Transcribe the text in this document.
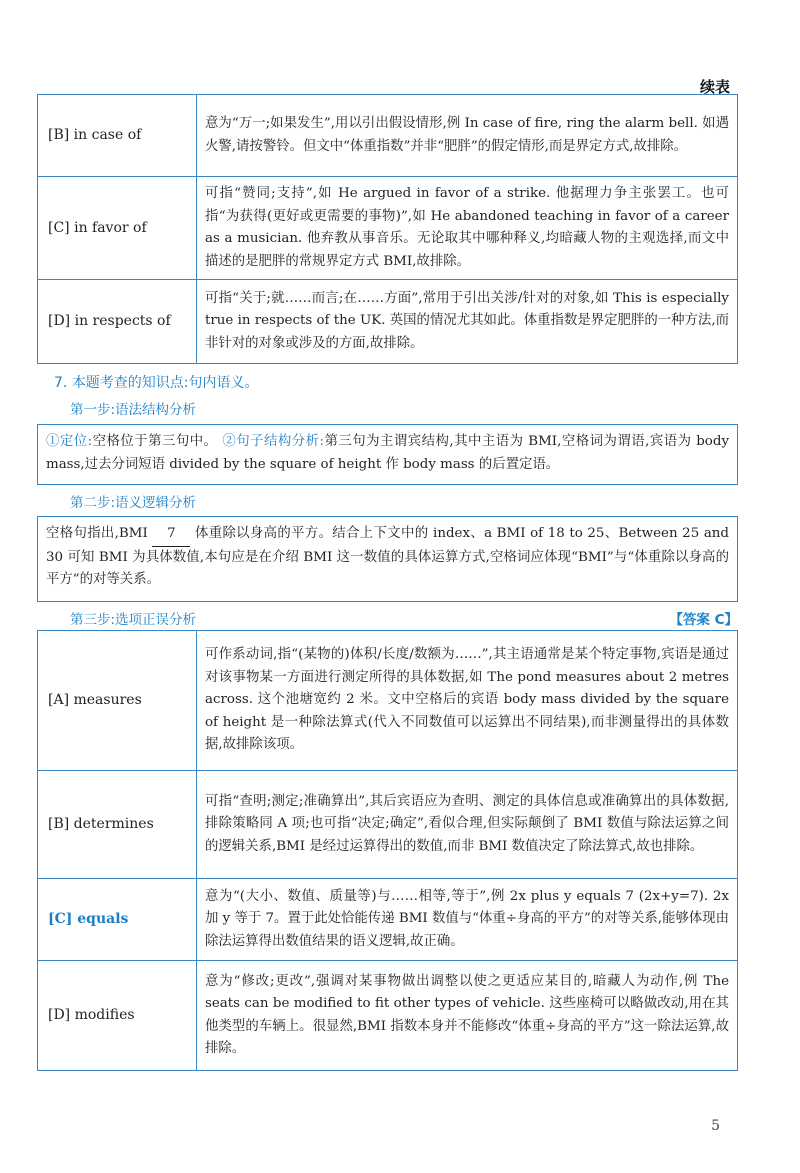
续表
[B] in case of	意为“万一;如果发生”,用以引出假设情形,例 In case of fire, ring the alarm bell. 如遇火警,请按警铃。但文中“体重指数”并非“肥胖”的假定情形,而是界定方式,故排除。
[C] in favor of	可指“赞同;支持”,如 He argued in favor of a strike. 他据理力争主张罢工。也可指“为获得(更好或更需要的事物)”,如 He abandoned teaching in favor of a career as a musician. 他弃教从事音乐。无论取其中哪种释义,均暗藏人物的主观选择,而文中描述的是肥胖的常规界定方式 BMI,故排除。
[D] in respects of	可指“关于;就……而言;在……方面”,常用于引出关涉/针对的对象,如 This is especially true in respects of the UK. 英国的情况尤其如此。体重指数是界定肥胖的一种方法,而非针对的对象或涉及的方面,故排除。
7. 本题考查的知识点:句内语义。
第一步:语法结构分析
①定位:空格位于第三句中。 ②句子结构分析:第三句为主谓宾结构,其中主语为 BMI,空格词为谓语,宾语为 body mass,过去分词短语 divided by the square of height 作 body mass 的后置定语。
第二步:语义逻辑分析
空格句指出,BMI 7 体重除以身高的平方。结合上下文中的 index、a BMI of 18 to 25、Between 25 and 30 可知 BMI 为具体数值,本句应是在介绍 BMI 这一数值的具体运算方式,空格词应体现“BMI”与“体重除以身高的平方”的对等关系。
第三步:选项正误分析	【答案 C】
[A] measures	可作系动词,指“(某物的)体积/长度/数额为……”,其主语通常是某个特定事物,宾语是通过对该事物某一方面进行测定所得的具体数据,如 The pond measures about 2 metres across. 这个池塘宽约 2 米。文中空格后的宾语 body mass divided by the square of height 是一种除法算式(代入不同数值可以运算出不同结果),而非测量得出的具体数据,故排除该项。
[B] determines	可指“查明;测定;准确算出”,其后宾语应为查明、测定的具体信息或准确算出的具体数据,排除策略同 A 项;也可指“决定;确定”,看似合理,但实际颠倒了 BMI 数值与除法运算之间的逻辑关系,BMI 是经过运算得出的数值,而非 BMI 数值决定了除法算式,故也排除。
[C] equals	意为“(大小、数值、质量等)与……相等,等于”,例 2x plus y equals 7 (2x+y=7). 2x 加 y 等于 7。置于此处恰能传递 BMI 数值与“体重÷身高的平方”的对等关系,能够体现由除法运算得出数值结果的语义逻辑,故正确。
[D] modifies	意为“修改;更改”,强调对某事物做出调整以使之更适应某目的,暗藏人为动作,例 The seats can be modified to fit other types of vehicle. 这些座椅可以略做改动,用在其他类型的车辆上。很显然,BMI 指数本身并不能修改“体重÷身高的平方”这一除法运算,故排除。
5
